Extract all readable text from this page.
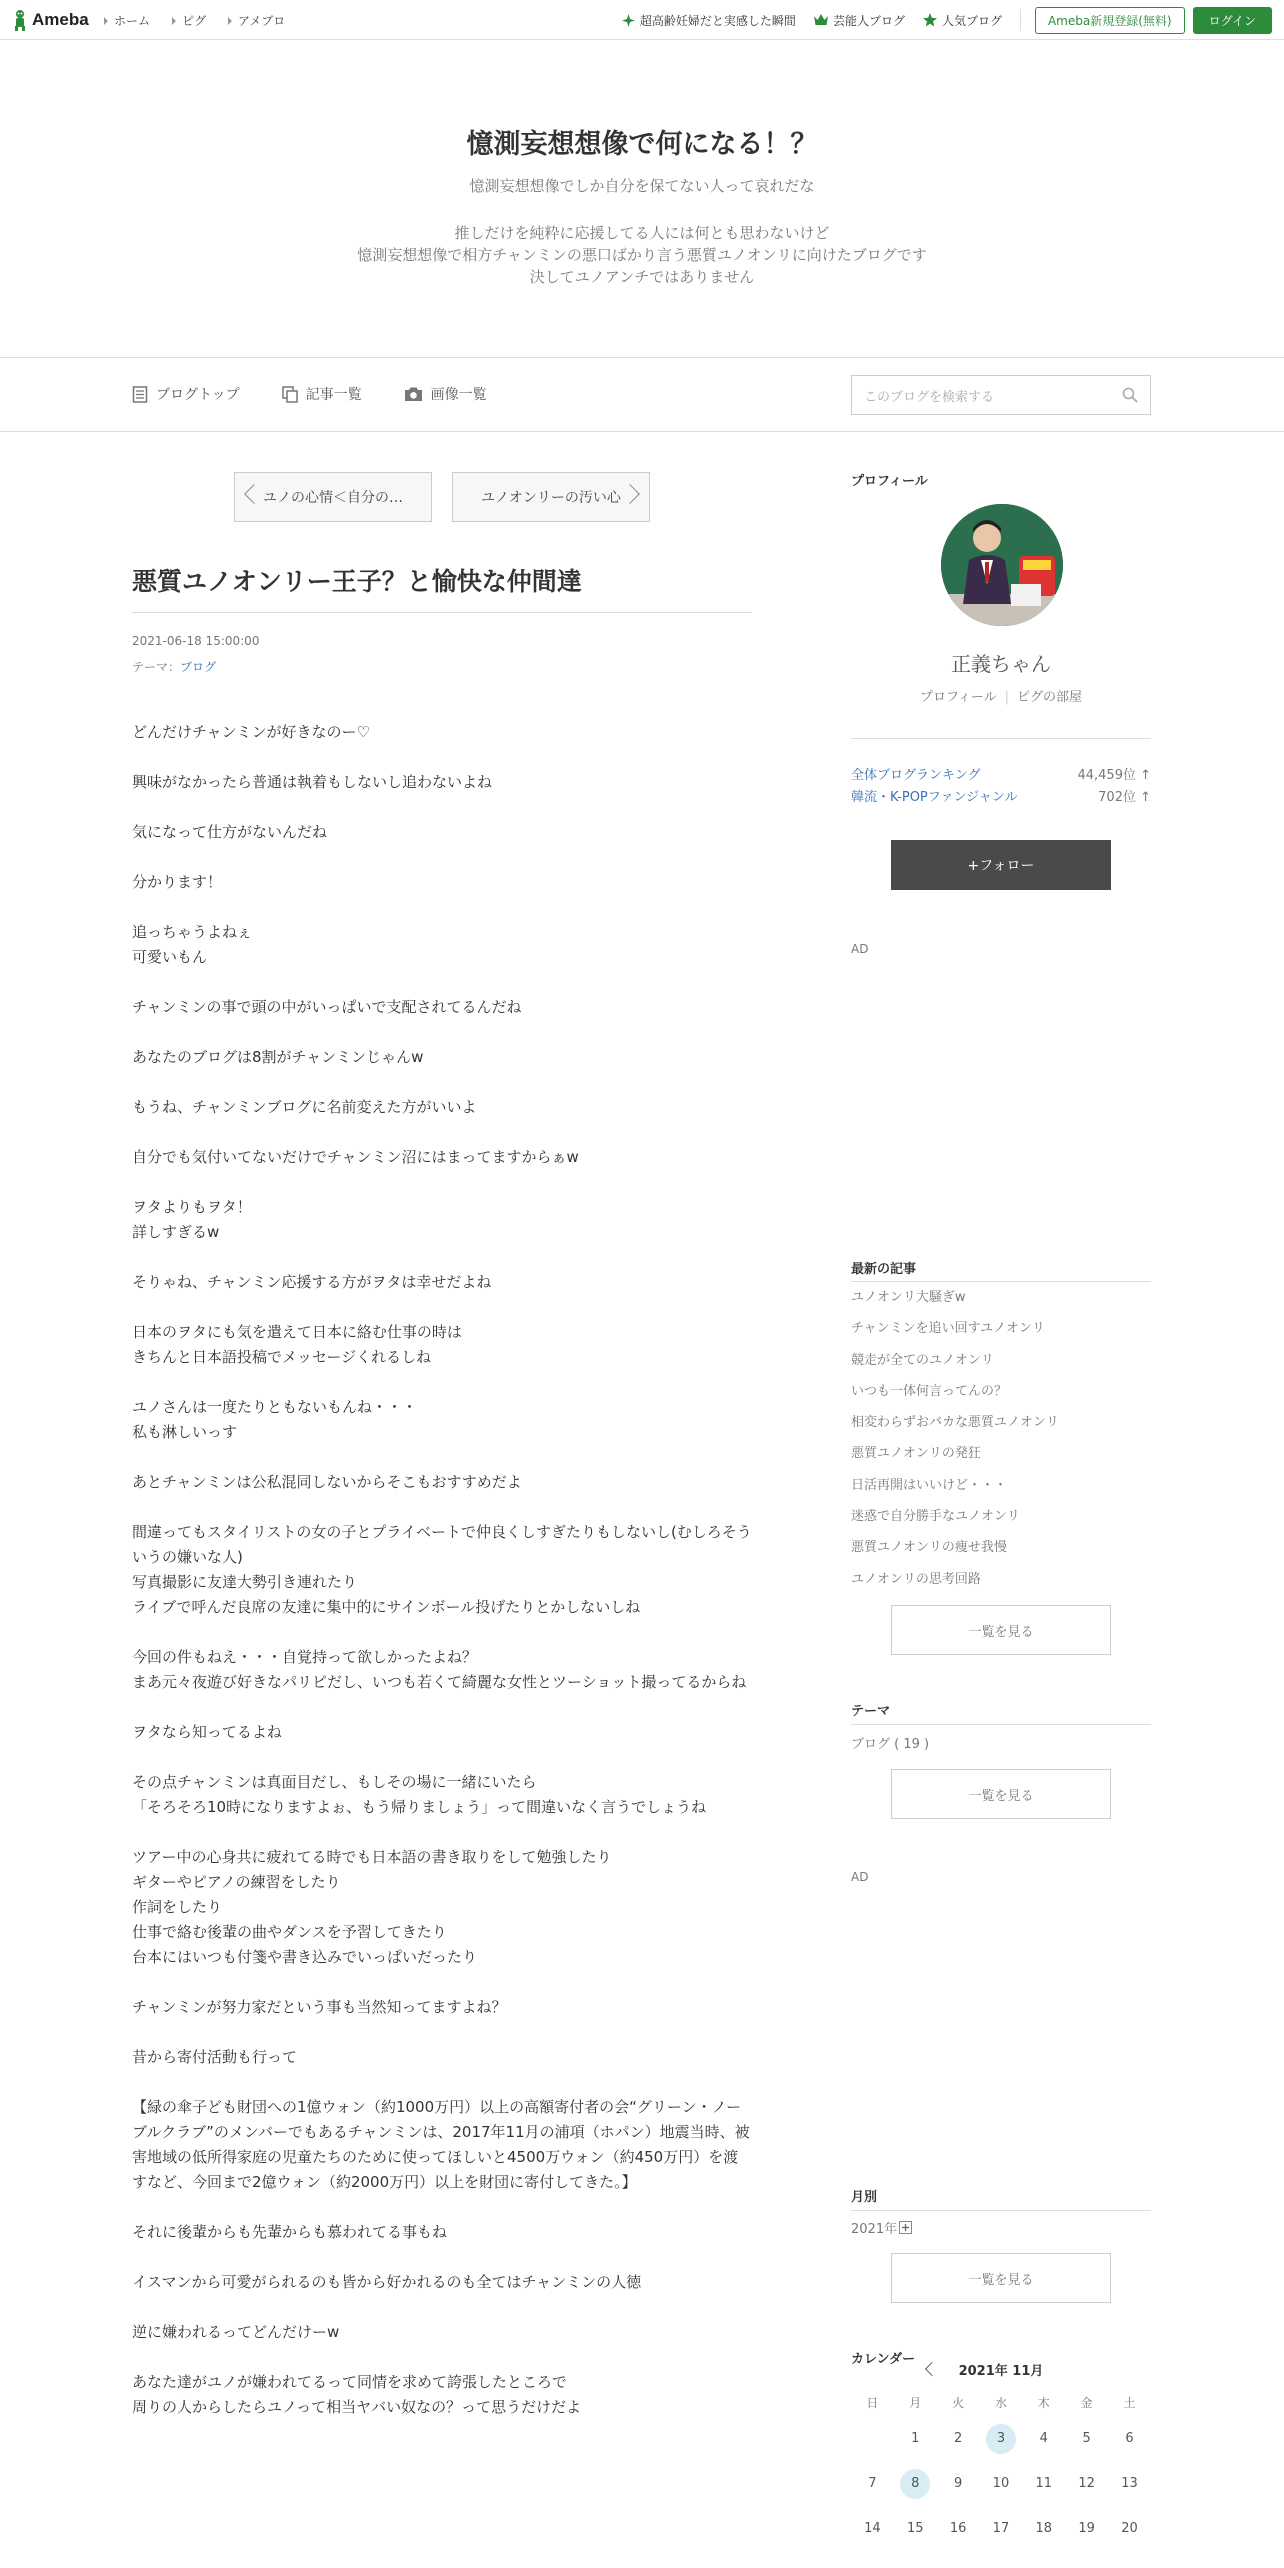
Ameba	ホーム	ピグ	アメブロ	超高齢妊婦だと実感した瞬間	芸能人ブログ	人気ブログ	Ameba新規登録(無料)	ログイン
憶測妄想想像で何になる！？
憶測妄想想像でしか自分を保てない人って哀れだな
推しだけを純粋に応援してる人には何とも思わないけど
憶測妄想想像で相方チャンミンの悪口ばかり言う悪質ユノオンリに向けたブログです
決してユノアンチではありません
ブログトップ	記事一覧	画像一覧	このブログを検索する
ユノの心情＜自分の…	ユノオンリーの汚い心
悪質ユノオンリー王子？と愉快な仲間達
2021-06-18 15:00:00
テーマ：ブログ

どんだけチャンミンが好きなのー♡

興味がなかったら普通は執着もしないし追わないよね

気になって仕方がないんだね

分かります！

追っちゃうよねぇ
可愛いもん

チャンミンの事で頭の中がいっぱいで支配されてるんだね

あなたのブログは8割がチャンミンじゃんw

もうね、チャンミンブログに名前変えた方がいいよ

自分でも気付いてないだけでチャンミン沼にはまってますからぁw

ヲタよりもヲタ！
詳しすぎるw

そりゃね、チャンミン応援する方がヲタは幸せだよね

日本のヲタにも気を遣えて日本に絡む仕事の時は
きちんと日本語投稿でメッセージくれるしね

ユノさんは一度たりともないもんね・・・
私も淋しいっす

あとチャンミンは公私混同しないからそこもおすすめだよ

間違ってもスタイリストの女の子とプライベートで仲良くしすぎたりもしないし(むしろそういうの嫌いな人)
写真撮影に友達大勢引き連れたり
ライブで呼んだ良席の友達に集中的にサインボール投げたりとかしないしね

今回の件もねえ・・・自覚持って欲しかったよね？
まあ元々夜遊び好きなパリピだし、いつも若くて綺麗な女性とツーショット撮ってるからね

ヲタなら知ってるよね

その点チャンミンは真面目だし、もしその場に一緒にいたら
「そろそろ10時になりますよぉ、もう帰りましょう」って間違いなく言うでしょうね

ツアー中の心身共に疲れてる時でも日本語の書き取りをして勉強したり
ギターやピアノの練習をしたり
作詞をしたり
仕事で絡む後輩の曲やダンスを予習してきたり
台本にはいつも付箋や書き込みでいっぱいだったり

チャンミンが努力家だという事も当然知ってますよね？

昔から寄付活動も行って

【緑の傘子ども財団への1億ウォン（約1000万円）以上の高額寄付者の会“グリーン・ノーブルクラブ”のメンバーでもあるチャンミンは、2017年11月の浦項（ホパン）地震当時、被害地域の低所得家庭の児童たちのために使ってほしいと4500万ウォン（約450万円）を渡すなど、今回まで2億ウォン（約2000万円）以上を財団に寄付してきた。】

それに後輩からも先輩からも慕われてる事もね

イスマンから可愛がられるのも皆から好かれるのも全てはチャンミンの人徳

逆に嫌われるってどんだけーw

あなた達がユノが嫌われてるって同情を求めて誇張したところで
周りの人からしたらユノって相当ヤバい奴なの？って思うだけだよ

プロフィール
正義ちゃん
プロフィール | ピグの部屋
全体ブログランキング	44,459位 ↑
韓流・K-POPファンジャンル	702位 ↑
+フォロー
AD
最新の記事
ユノオンリ大騒ぎw
チャンミンを追い回すユノオンリ
競走が全てのユノオンリ
いつも一体何言ってんの？
相変わらずおバカな悪質ユノオンリ
悪質ユノオンリの発狂
日活再開はいいけど・・・
迷惑で自分勝手なユノオンリ
悪質ユノオンリの痩せ我慢
ユノオンリの思考回路
一覧を見る
テーマ
ブログ ( 19 )
一覧を見る
AD
月別
2021年
一覧を見る
カレンダー
2021年 11月
日	月	火	水	木	金	土
	1	2	3	4	5	6
7	8	9	10	11	12	13
14	15	16	17	18	19	20
